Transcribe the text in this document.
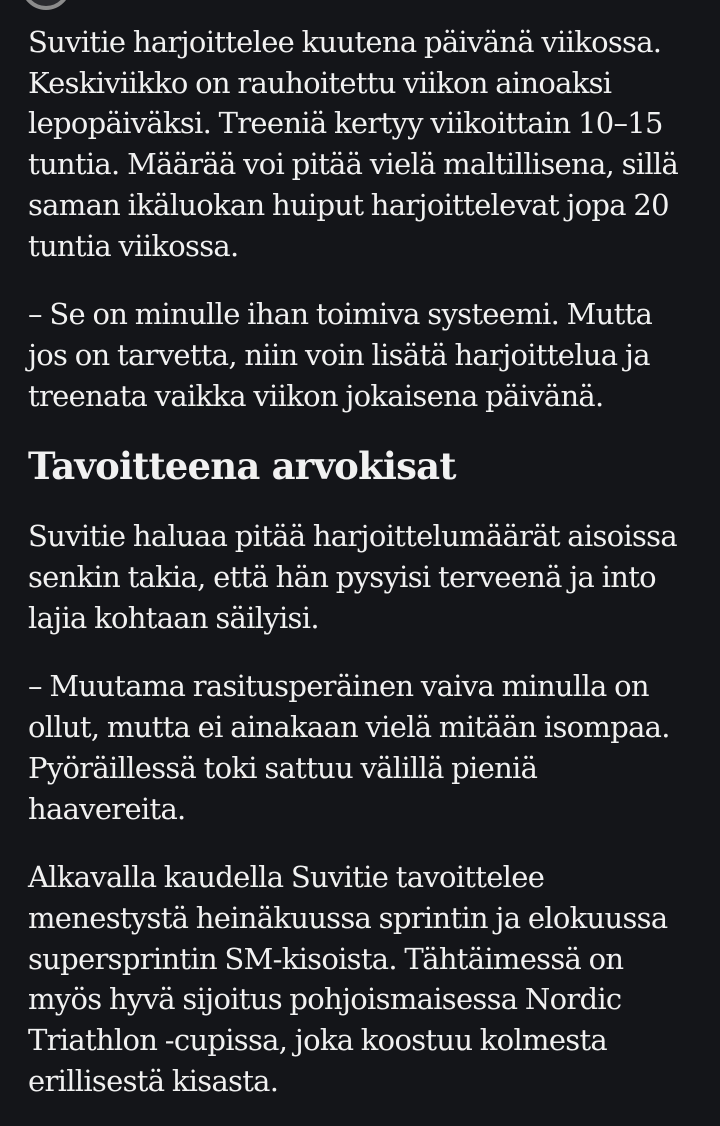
Suvitie harjoittelee kuutena päivänä viikossa.
Keskiviikko on rauhoitettu viikon ainoaksi
lepopäiväksi. Treeniä kertyy viikoittain 10–15
tuntia. Määrää voi pitää vielä maltillisena, sillä
saman ikäluokan huiput harjoittelevat jopa 20
tuntia viikossa.

– Se on minulle ihan toimiva systeemi. Mutta
jos on tarvetta, niin voin lisätä harjoittelua ja
treenata vaikka viikon jokaisena päivänä.

Tavoitteena arvokisat

Suvitie haluaa pitää harjoittelumäärät aisoissa
senkin takia, että hän pysyisi terveenä ja into
lajia kohtaan säilyisi.

– Muutama rasitusperäinen vaiva minulla on
ollut, mutta ei ainakaan vielä mitään isompaa.
Pyöräillessä toki sattuu välillä pieniä
haavereita.

Alkavalla kaudella Suvitie tavoittelee
menestystä heinäkuussa sprintin ja elokuussa
supersprintin SM-kisoista. Tähtäimessä on
myös hyvä sijoitus pohjoismaisessa Nordic
Triathlon -cupissa, joka koostuu kolmesta
erillisestä kisasta.
